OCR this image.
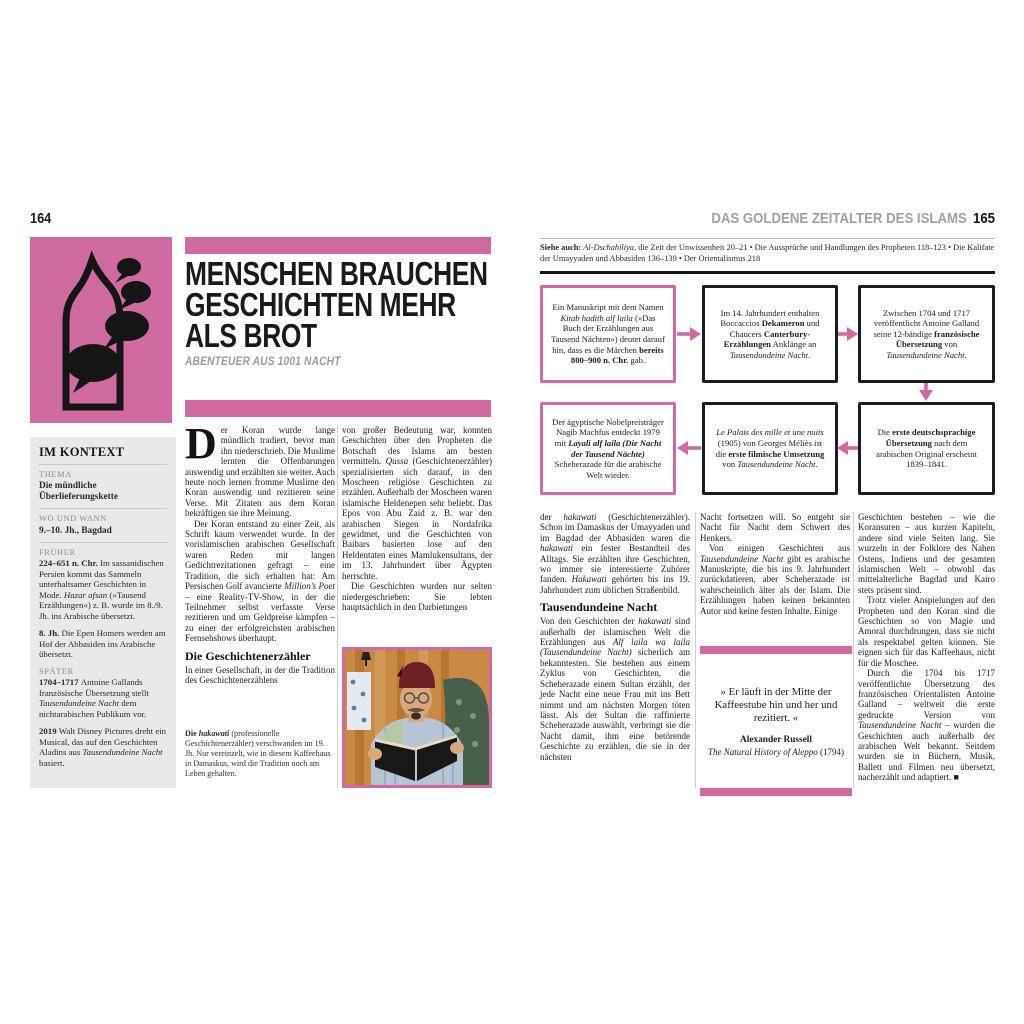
164
MENSCHEN BRAUCHEN
GESCHICHTEN MEHR
ALS BROT
ABENTEUER AUS 1001 NACHT
IM KONTEXT
THEMA
Die mündliche Überlieferungskette
WO UND WANN
9.–10. Jh., Bagdad
FRÜHER

224–651 n. Chr. Im sassanidischen Persien kommt das Sammeln unterhaltsamer Geschichten in Mode. Hazar afsan (»Tausend Erzählungen«) z. B. wurde im 8./9. Jh. ins Arabische übersetzt.

8. Jh. Die Epen Homers werden am Hof der Abbasiden ins Arabische übersetzt.

SPÄTER

1704–1717 Antoine Gallands französische Übersetzung stellt Tausendundeine Nacht dem nichtarabischen Publikum vor.

2019 Walt Disney Pictures dreht ein Musical, das auf den Geschichten Aladins aus Tausendundeine Nacht basiert.

Der Koran wurde lange mündlich tradiert, bevor man ihn niederschrieb. Die Muslime lernten die Offenbarungen auswendig und erzählten sie weiter. Auch heute noch lernen fromme Muslime den Koran auswendig und rezitieren seine Verse. Mit Zitaten aus dem Koran bekräftigen sie ihre Meinung.

Der Koran entstand zu einer Zeit, als Schrift kaum verwendet wurde. In der vorislamischen arabischen Gesellschaft waren Reden mit langen Gedichtrezitationen gefragt – eine Tradition, die sich erhalten hat: Am Persischen Golf avancierte Million’s Poet – eine Reality-TV-Show, in der die Teilnehmer selbst verfasste Verse rezitieren und um Geldpreise kämpfen – zu einer der erfolgreichsten arabischen Fernsehshows überhaupt.

Die Geschichtenerzähler

In einer Gesellschaft, in der die Tradition des Geschichtenerzählens

von großer Bedeutung war, konnten Geschichten über den Propheten die Botschaft des Islams am besten vermitteln. Qussa (Geschichtenerzähler) spezialisierten sich darauf, in den Moscheen religiöse Geschichten zu erzählen. Außerhalb der Moscheen waren islamische Heldenepen sehr beliebt. Das Epos von Abu Zaid z. B. war den arabischen Siegen in Nordafrika gewidmet, und die Geschichten von Baibars basierten lose auf den Heldentaten eines Mamlukensultans, der im 13. Jahrhundert über Ägypten herrschte.

Die Geschichten wurden nur selten niedergeschrieben: Sie lebten hauptsächlich in den Darbietungen

Die hakawati (professionelle Geschichtenerzähler) verschwanden im 19. Jh. Nur vereinzelt, wie in diesem Kaffeehaus in Damaskus, wird die Tradition noch am Leben gehalten.
DAS GOLDENE ZEITALTER DES ISLAMS 165
Siehe auch: Al-Dschahiliya, die Zeit der Unwissenheit 20–21 • Die Aussprüche und Handlungen des Propheten 118–123 • Die Kalifate der Umayyaden und Abbasiden 136–139 • Der Orientalismus 218
Ein Manuskript mit dem Namen Kitab hadith alf laila (»Das Buch der Erzählungen aus Tausend Nächten«) deutet darauf hin, dass es die Märchen bereits 800–900 n. Chr. gab.
Im 14. Jahrhundert enthalten Boccaccios Dekameron und Chaucers Canterbury-Erzählungen Anklänge an Tausendundeine Nacht.
Zwischen 1704 und 1717 veröffentlicht Antoine Galland seine 12-bändige französische Übersetzung von Tausendundeine Nacht.
Der ägyptische Nobelpreisträger Nagib Machfus entdeckt 1979 mit Layali alf laila (Die Nacht der Tausend Nächte) Scheherazade für die arabische Welt wieder.
Le Palais des mille et une nuits (1905) von Georges Méliès ist die erste filmische Umsetzung von Tausendundeine Nacht.
Die erste deutschsprachige Übersetzung nach dem arabischen Original erscheint 1839–1841.

der hakawati (Geschichtenerzähler). Schon im Damaskus der Umayyaden und im Bagdad der Abbasiden waren die hakawati ein fester Bestandteil des Alltags. Sie erzählten ihre Geschichten, wo immer sie interessierte Zuhörer fanden. Hakawati gehörten bis ins 19. Jahrhundert zum üblichen Straßenbild.

Tausendundeine Nacht

Von den Geschichten der hakawati sind außerhalb der islamischen Welt die Erzählungen aus Alf laila wa laila (Tausendundeine Nacht) sicherlich am bekanntesten. Sie bestehen aus einem Zyklus von Geschichten, die Scheherazade einem Sultan erzählt, der jede Nacht eine neue Frau mit ins Bett nimmt und am nächsten Morgen töten lässt. Als der Sultan die raffinierte Scheherazade auswählt, verbringt sie die Nacht damit, ihm eine betörende Geschichte zu erzählen, die sie in der nächsten

Nacht fortsetzen will. So entgeht sie Nacht für Nacht dem Schwert des Henkers.

Von einigen Geschichten aus Tausendundeine Nacht gibt es arabische Manuskripte, die bis ins 9. Jahrhundert zurückdatieren, aber Scheherazade ist wahrscheinlich älter als der Islam. Die Erzählungen haben keinen bekannten Autor und keine festen Inhalte. Einige

Geschichten bestehen – wie die Koransuren – aus kurzen Kapiteln, andere sind viele Seiten lang. Sie wurzeln in der Folklore des Nahen Ostens, Indiens und der gesamten islamischen Welt – obwohl das mittelalterliche Bagdad und Kairo stets präsent sind.

Trotz vieler Anspielungen auf den Propheten und den Koran sind die Geschichten so von Magie und Amoral durchdrungen, dass sie nicht als respektabel gelten können. Sie eignen sich für das Kaffeehaus, nicht für die Moschee.

Durch die 1704 bis 1717 veröffentlichte Übersetzung des französischen Orientalisten Antoine Galland – weltweit die erste gedruckte Version von Tausendundeine Nacht – wurden die Geschichten auch außerhalb der arabischen Welt bekannt. Seitdem wurden sie in Büchern, Musik, Ballett und Filmen neu übersetzt, nacherzählt und adaptiert. ■

» Er läuft in der Mitte der Kaffeestube hin und her und rezitiert. «
Alexander Russell
The Natural History of Aleppo (1794)
